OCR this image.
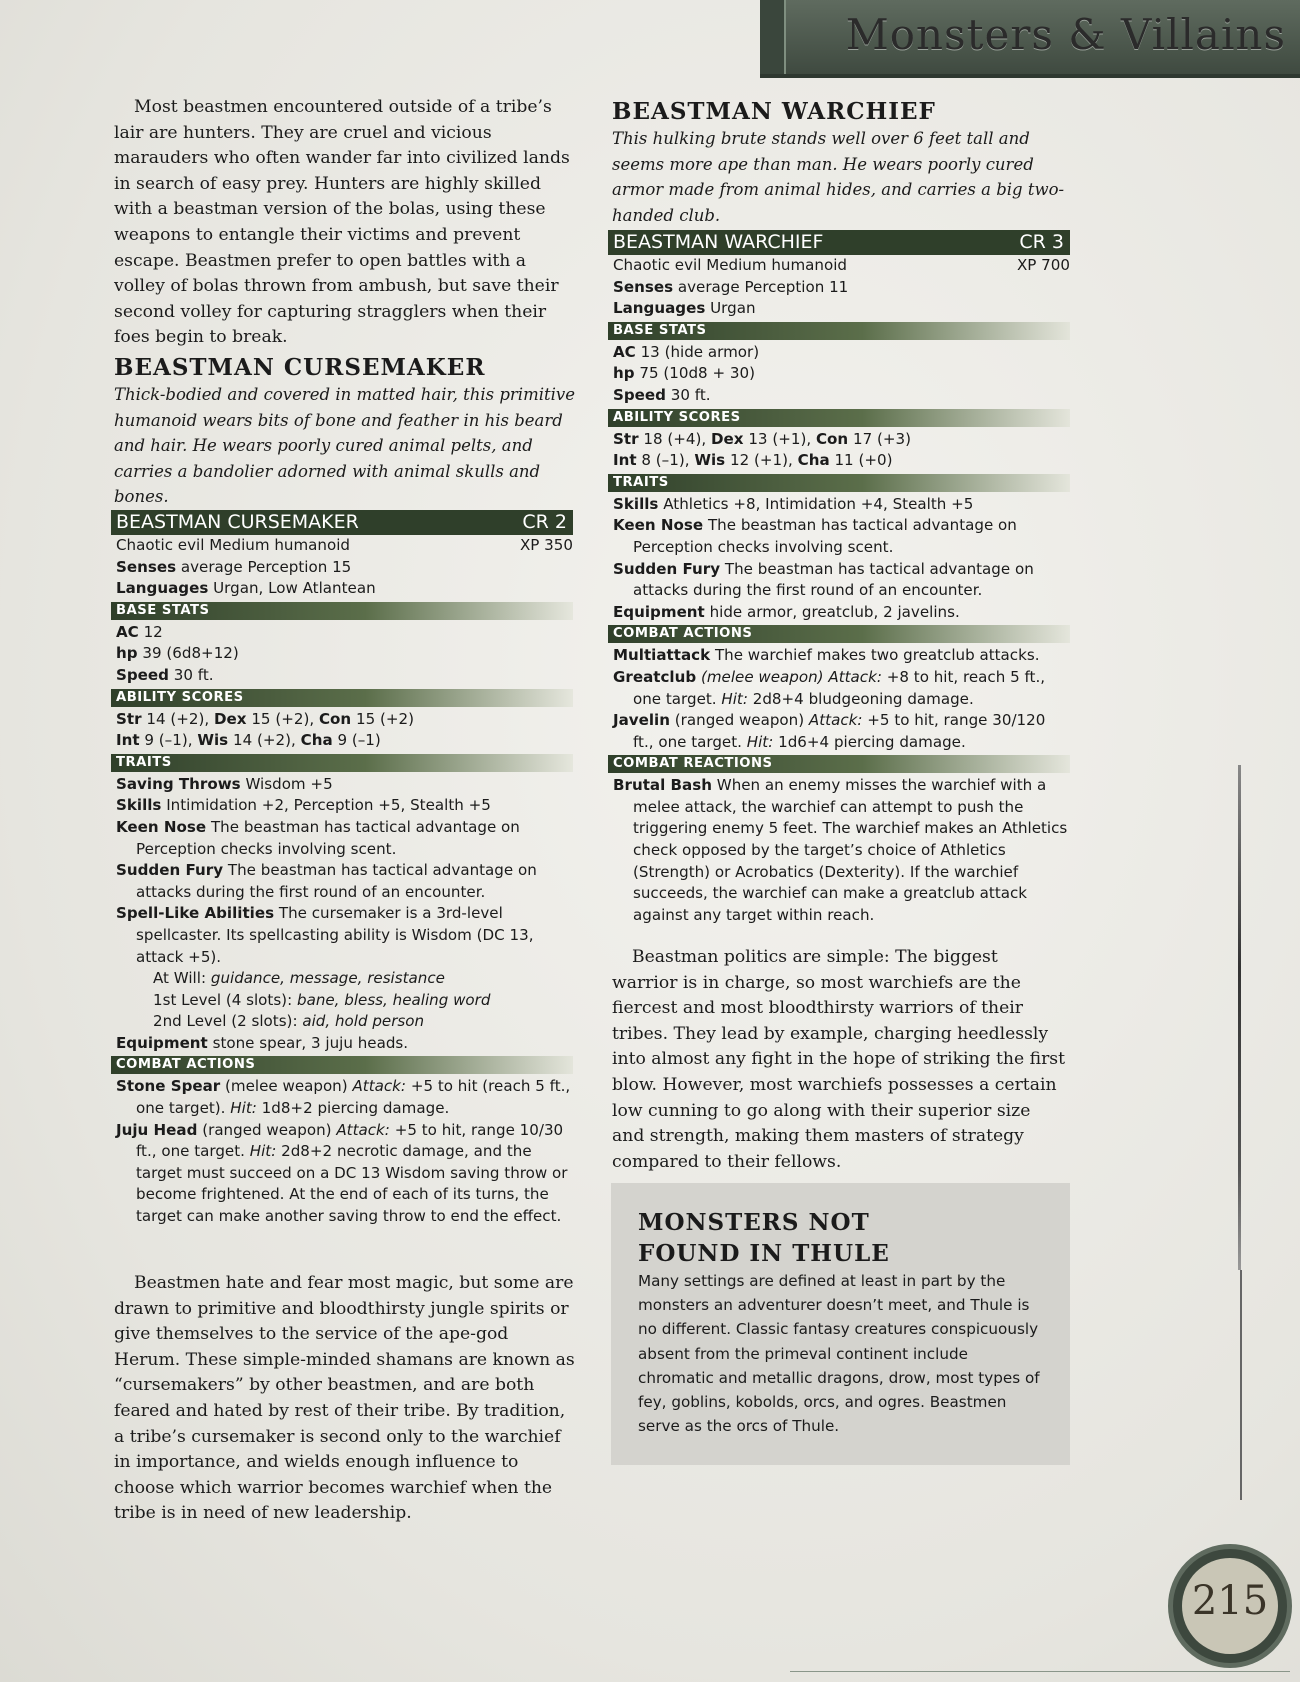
Monsters & Villains

Most beastmen encountered outside of a tribe’s lair are hunters. They are cruel and vicious marauders who often wander far into civilized lands in search of easy prey. Hunters are highly skilled with a beastman version of the bolas, using these weapons to entangle their victims and prevent escape. Beastmen prefer to open battles with a volley of bolas thrown from ambush, but save their second volley for capturing stragglers when their foes begin to break.

BEASTMAN CURSEMAKER

Thick-bodied and covered in matted hair, this primitive humanoid wears bits of bone and feather in his beard and hair. He wears poorly cured animal pelts, and carries a bandolier adorned with animal skulls and bones.

BEASTMAN CURSEMAKER	CR 2
Chaotic evil Medium humanoid	XP 350
Senses average Perception 15
Languages Urgan, Low Atlantean
BASE STATS
AC 12
hp 39 (6d8+12)
Speed 30 ft.
ABILITY SCORES
Str 14 (+2), Dex 15 (+2), Con 15 (+2)
Int 9 (–1), Wis 14 (+2), Cha 9 (–1)
TRAITS
Saving Throws Wisdom +5
Skills Intimidation +2, Perception +5, Stealth +5
Keen Nose The beastman has tactical advantage on Perception checks involving scent.
Sudden Fury The beastman has tactical advantage on attacks during the first round of an encounter.
Spell-Like Abilities The cursemaker is a 3rd-level spellcaster. Its spellcasting ability is Wisdom (DC 13, attack +5).
At Will: guidance, message, resistance
1st Level (4 slots): bane, bless, healing word
2nd Level (2 slots): aid, hold person
Equipment stone spear, 3 juju heads.
COMBAT ACTIONS
Stone Spear (melee weapon) Attack: +5 to hit (reach 5 ft., one target). Hit: 1d8+2 piercing damage.
Juju Head (ranged weapon) Attack: +5 to hit, range 10/30 ft., one target. Hit: 2d8+2 necrotic damage, and the target must succeed on a DC 13 Wisdom saving throw or become frightened. At the end of each of its turns, the target can make another saving throw to end the effect.

Beastmen hate and fear most magic, but some are drawn to primitive and bloodthirsty jungle spirits or give themselves to the service of the ape-god Herum. These simple-minded shamans are known as “cursemakers” by other beastmen, and are both feared and hated by rest of their tribe. By tradition, a tribe’s cursemaker is second only to the warchief in importance, and wields enough influence to choose which warrior becomes warchief when the tribe is in need of new leadership.

BEASTMAN WARCHIEF

This hulking brute stands well over 6 feet tall and seems more ape than man. He wears poorly cured armor made from animal hides, and carries a big two-handed club.

BEASTMAN WARCHIEF	CR 3
Chaotic evil Medium humanoid	XP 700
Senses average Perception 11
Languages Urgan
BASE STATS
AC 13 (hide armor)
hp 75 (10d8 + 30)
Speed 30 ft.
ABILITY SCORES
Str 18 (+4), Dex 13 (+1), Con 17 (+3)
Int 8 (–1), Wis 12 (+1), Cha 11 (+0)
TRAITS
Skills Athletics +8, Intimidation +4, Stealth +5
Keen Nose The beastman has tactical advantage on Perception checks involving scent.
Sudden Fury The beastman has tactical advantage on attacks during the first round of an encounter.
Equipment hide armor, greatclub, 2 javelins.
COMBAT ACTIONS
Multiattack The warchief makes two greatclub attacks.
Greatclub (melee weapon) Attack: +8 to hit, reach 5 ft., one target. Hit: 2d8+4 bludgeoning damage.
Javelin (ranged weapon) Attack: +5 to hit, range 30/120 ft., one target. Hit: 1d6+4 piercing damage.
COMBAT REACTIONS
Brutal Bash When an enemy misses the warchief with a melee attack, the warchief can attempt to push the triggering enemy 5 feet. The warchief makes an Athletics check opposed by the target’s choice of Athletics (Strength) or Acrobatics (Dexterity). If the warchief succeeds, the warchief can make a greatclub attack against any target within reach.

Beastman politics are simple: The biggest warrior is in charge, so most warchiefs are the fiercest and most bloodthirsty warriors of their tribes. They lead by example, charging heedlessly into almost any fight in the hope of striking the first blow. However, most warchiefs possesses a certain low cunning to go along with their superior size and strength, making them masters of strategy compared to their fellows.

MONSTERS NOT
FOUND IN THULE

Many settings are defined at least in part by the monsters an adventurer doesn’t meet, and Thule is no different. Classic fantasy creatures conspicuously absent from the primeval continent include chromatic and metallic dragons, drow, most types of fey, goblins, kobolds, orcs, and ogres. Beastmen serve as the orcs of Thule.

215
